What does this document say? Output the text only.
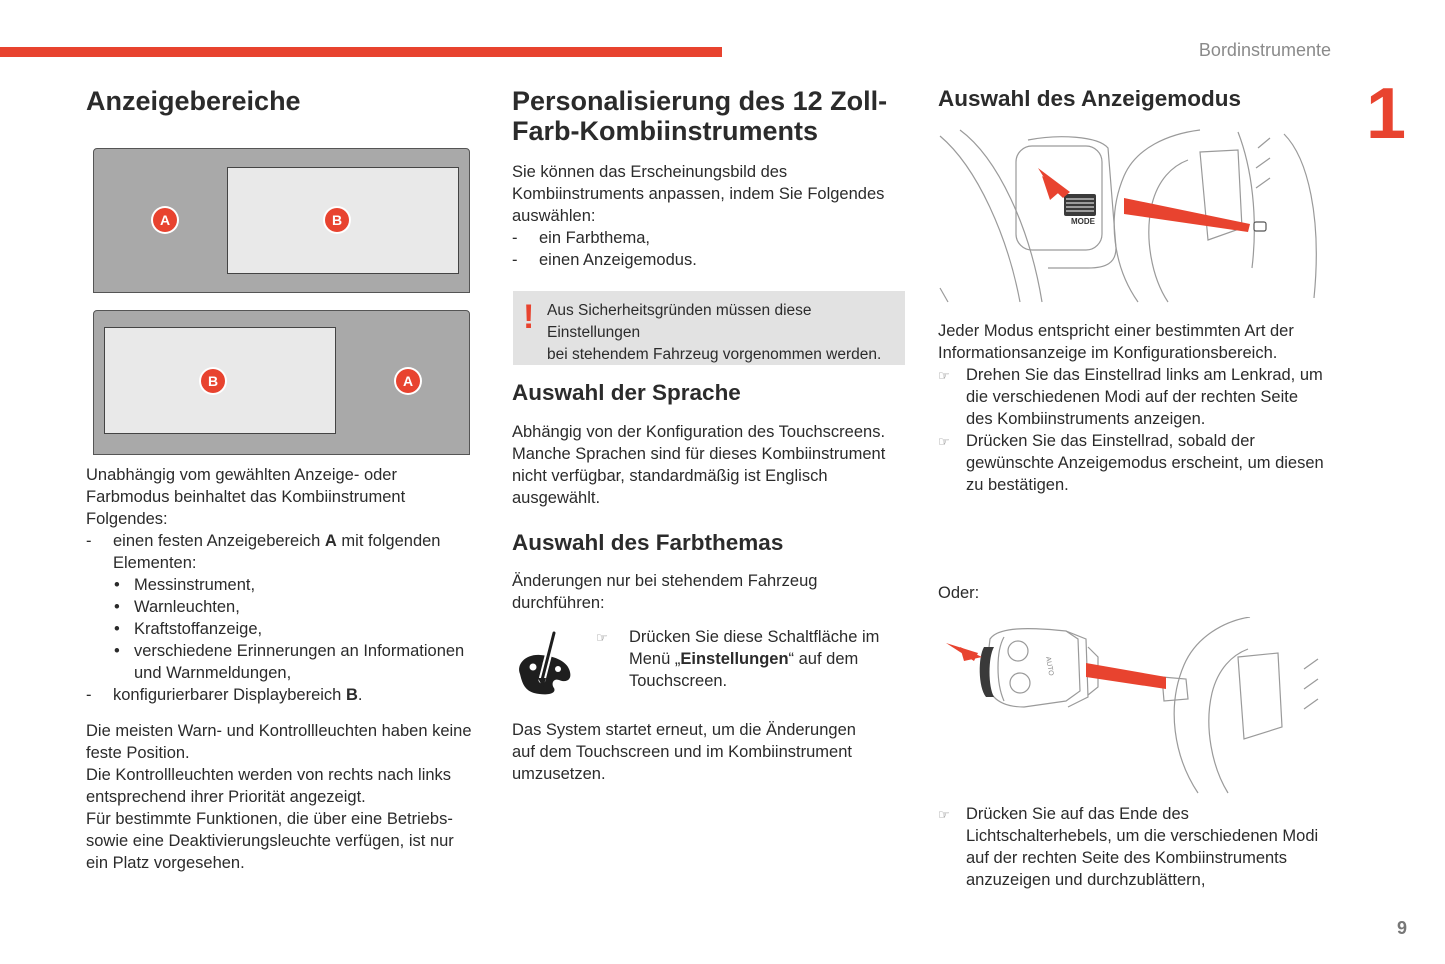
Bordinstrumente
1
9
Anzeigebereiche
A	B
B	A
Unabhängig vom gewählten Anzeige- oder
Farbmodus beinhaltet das Kombiinstrument
Folgendes:
- einen festen Anzeigebereich A mit folgenden
Elementen:
• Messinstrument,
• Warnleuchten,
• Kraftstoffanzeige,
• verschiedene Erinnerungen an Informationen
und Warnmeldungen,
- konfigurierbarer Displaybereich B.
Die meisten Warn- und Kontrollleuchten haben keine
feste Position.
Die Kontrollleuchten werden von rechts nach links
entsprechend ihrer Priorität angezeigt.
Für bestimmte Funktionen, die über eine Betriebs-
sowie eine Deaktivierungsleuchte verfügen, ist nur
ein Platz vorgesehen.
Personalisierung des 12 Zoll-
Farb-Kombiinstruments
Sie können das Erscheinungsbild des
Kombiinstruments anpassen, indem Sie Folgendes
auswählen:
- ein Farbthema,
- einen Anzeigemodus.
! Aus Sicherheitsgründen müssen diese Einstellungen
bei stehendem Fahrzeug vorgenommen werden.
Auswahl der Sprache
Abhängig von der Konfiguration des Touchscreens.
Manche Sprachen sind für dieses Kombiinstrument
nicht verfügbar, standardmäßig ist Englisch
ausgewählt.
Auswahl des Farbthemas
Änderungen nur bei stehendem Fahrzeug
durchführen:
☞ Drücken Sie diese Schaltfläche im
Menü „Einstellungen“ auf dem
Touchscreen.
Das System startet erneut, um die Änderungen
auf dem Touchscreen und im Kombiinstrument
umzusetzen.
Auswahl des Anzeigemodus
MODE
Jeder Modus entspricht einer bestimmten Art der
Informationsanzeige im Konfigurationsbereich.
☞ Drehen Sie das Einstellrad links am Lenkrad, um
die verschiedenen Modi auf der rechten Seite
des Kombiinstruments anzeigen.
☞ Drücken Sie das Einstellrad, sobald der
gewünschte Anzeigemodus erscheint, um diesen
zu bestätigen.
Oder:
AUTO
☞ Drücken Sie auf das Ende des
Lichtschalterhebels, um die verschiedenen Modi
auf der rechten Seite des Kombiinstruments
anzuzeigen und durchzublättern,
